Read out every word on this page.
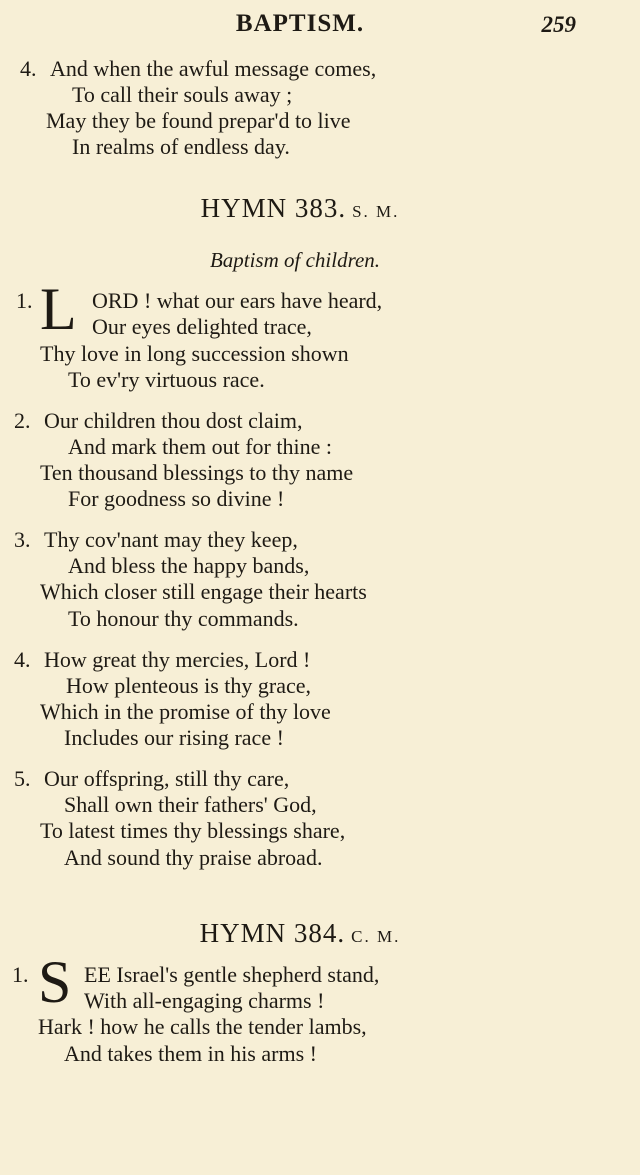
BAPTISM.	259
4. And when the awful message comes,
To call their souls away ;
May they be found prepar'd to live
In realms of endless day.
HYMN 383. S. M.
Baptism of children.
1. L ORD ! what our ears have heard,
Our eyes delighted trace,
Thy love in long succession shown
To ev'ry virtuous race.
2. Our children thou dost claim,
And mark them out for thine :
Ten thousand blessings to thy name
For goodness so divine !
3. Thy cov'nant may they keep,
And bless the happy bands,
Which closer still engage their hearts
To honour thy commands.
4. How great thy mercies, Lord !
How plenteous is thy grace,
Which in the promise of thy love
Includes our rising race !
5. Our offspring, still thy care,
Shall own their fathers' God,
To latest times thy blessings share,
And sound thy praise abroad.
HYMN 384. C. M.
1. S EE Israel's gentle shepherd stand,
With all-engaging charms !
Hark ! how he calls the tender lambs,
And takes them in his arms !
